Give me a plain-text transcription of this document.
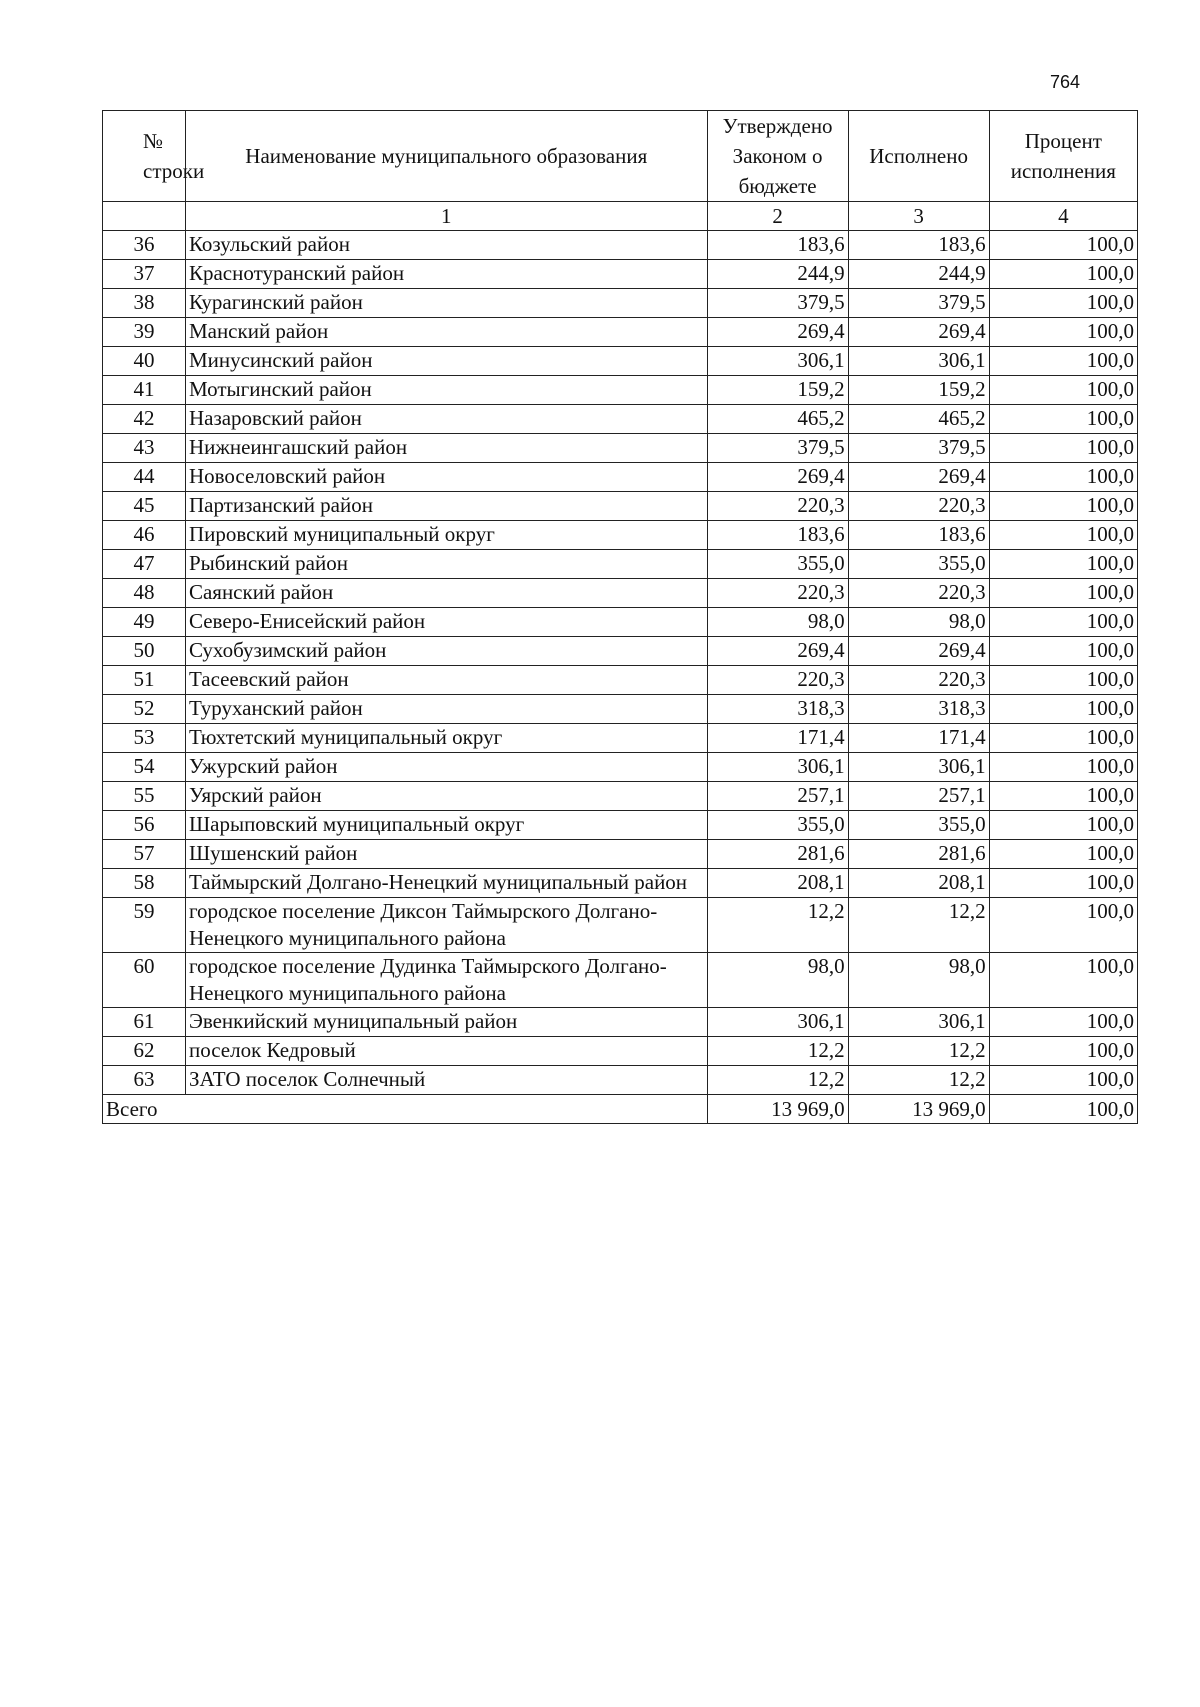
764
№ строки	Наименование муниципального образования	Утверждено Законом о бюджете	Исполнено	Процент исполнения
	1	2	3	4
36	Козульский район	183,6	183,6	100,0
37	Краснотуранский район	244,9	244,9	100,0
38	Курагинский район	379,5	379,5	100,0
39	Манский район	269,4	269,4	100,0
40	Минусинский район	306,1	306,1	100,0
41	Мотыгинский район	159,2	159,2	100,0
42	Назаровский район	465,2	465,2	100,0
43	Нижнеингашский район	379,5	379,5	100,0
44	Новоселовский район	269,4	269,4	100,0
45	Партизанский район	220,3	220,3	100,0
46	Пировский муниципальный округ	183,6	183,6	100,0
47	Рыбинский район	355,0	355,0	100,0
48	Саянский район	220,3	220,3	100,0
49	Северо-Енисейский район	98,0	98,0	100,0
50	Сухобузимский район	269,4	269,4	100,0
51	Тасеевский район	220,3	220,3	100,0
52	Туруханский район	318,3	318,3	100,0
53	Тюхтетский муниципальный округ	171,4	171,4	100,0
54	Ужурский район	306,1	306,1	100,0
55	Уярский район	257,1	257,1	100,0
56	Шарыповский муниципальный округ	355,0	355,0	100,0
57	Шушенский район	281,6	281,6	100,0
58	Таймырский Долгано-Ненецкий муниципальный район	208,1	208,1	100,0
59	городское поселение Диксон Таймырского Долгано-Ненецкого муниципального района	12,2	12,2	100,0
60	городское поселение Дудинка Таймырского Долгано-Ненецкого муниципального района	98,0	98,0	100,0
61	Эвенкийский муниципальный район	306,1	306,1	100,0
62	поселок Кедровый	12,2	12,2	100,0
63	ЗАТО поселок Солнечный	12,2	12,2	100,0
Всего		13 969,0	13 969,0	100,0
